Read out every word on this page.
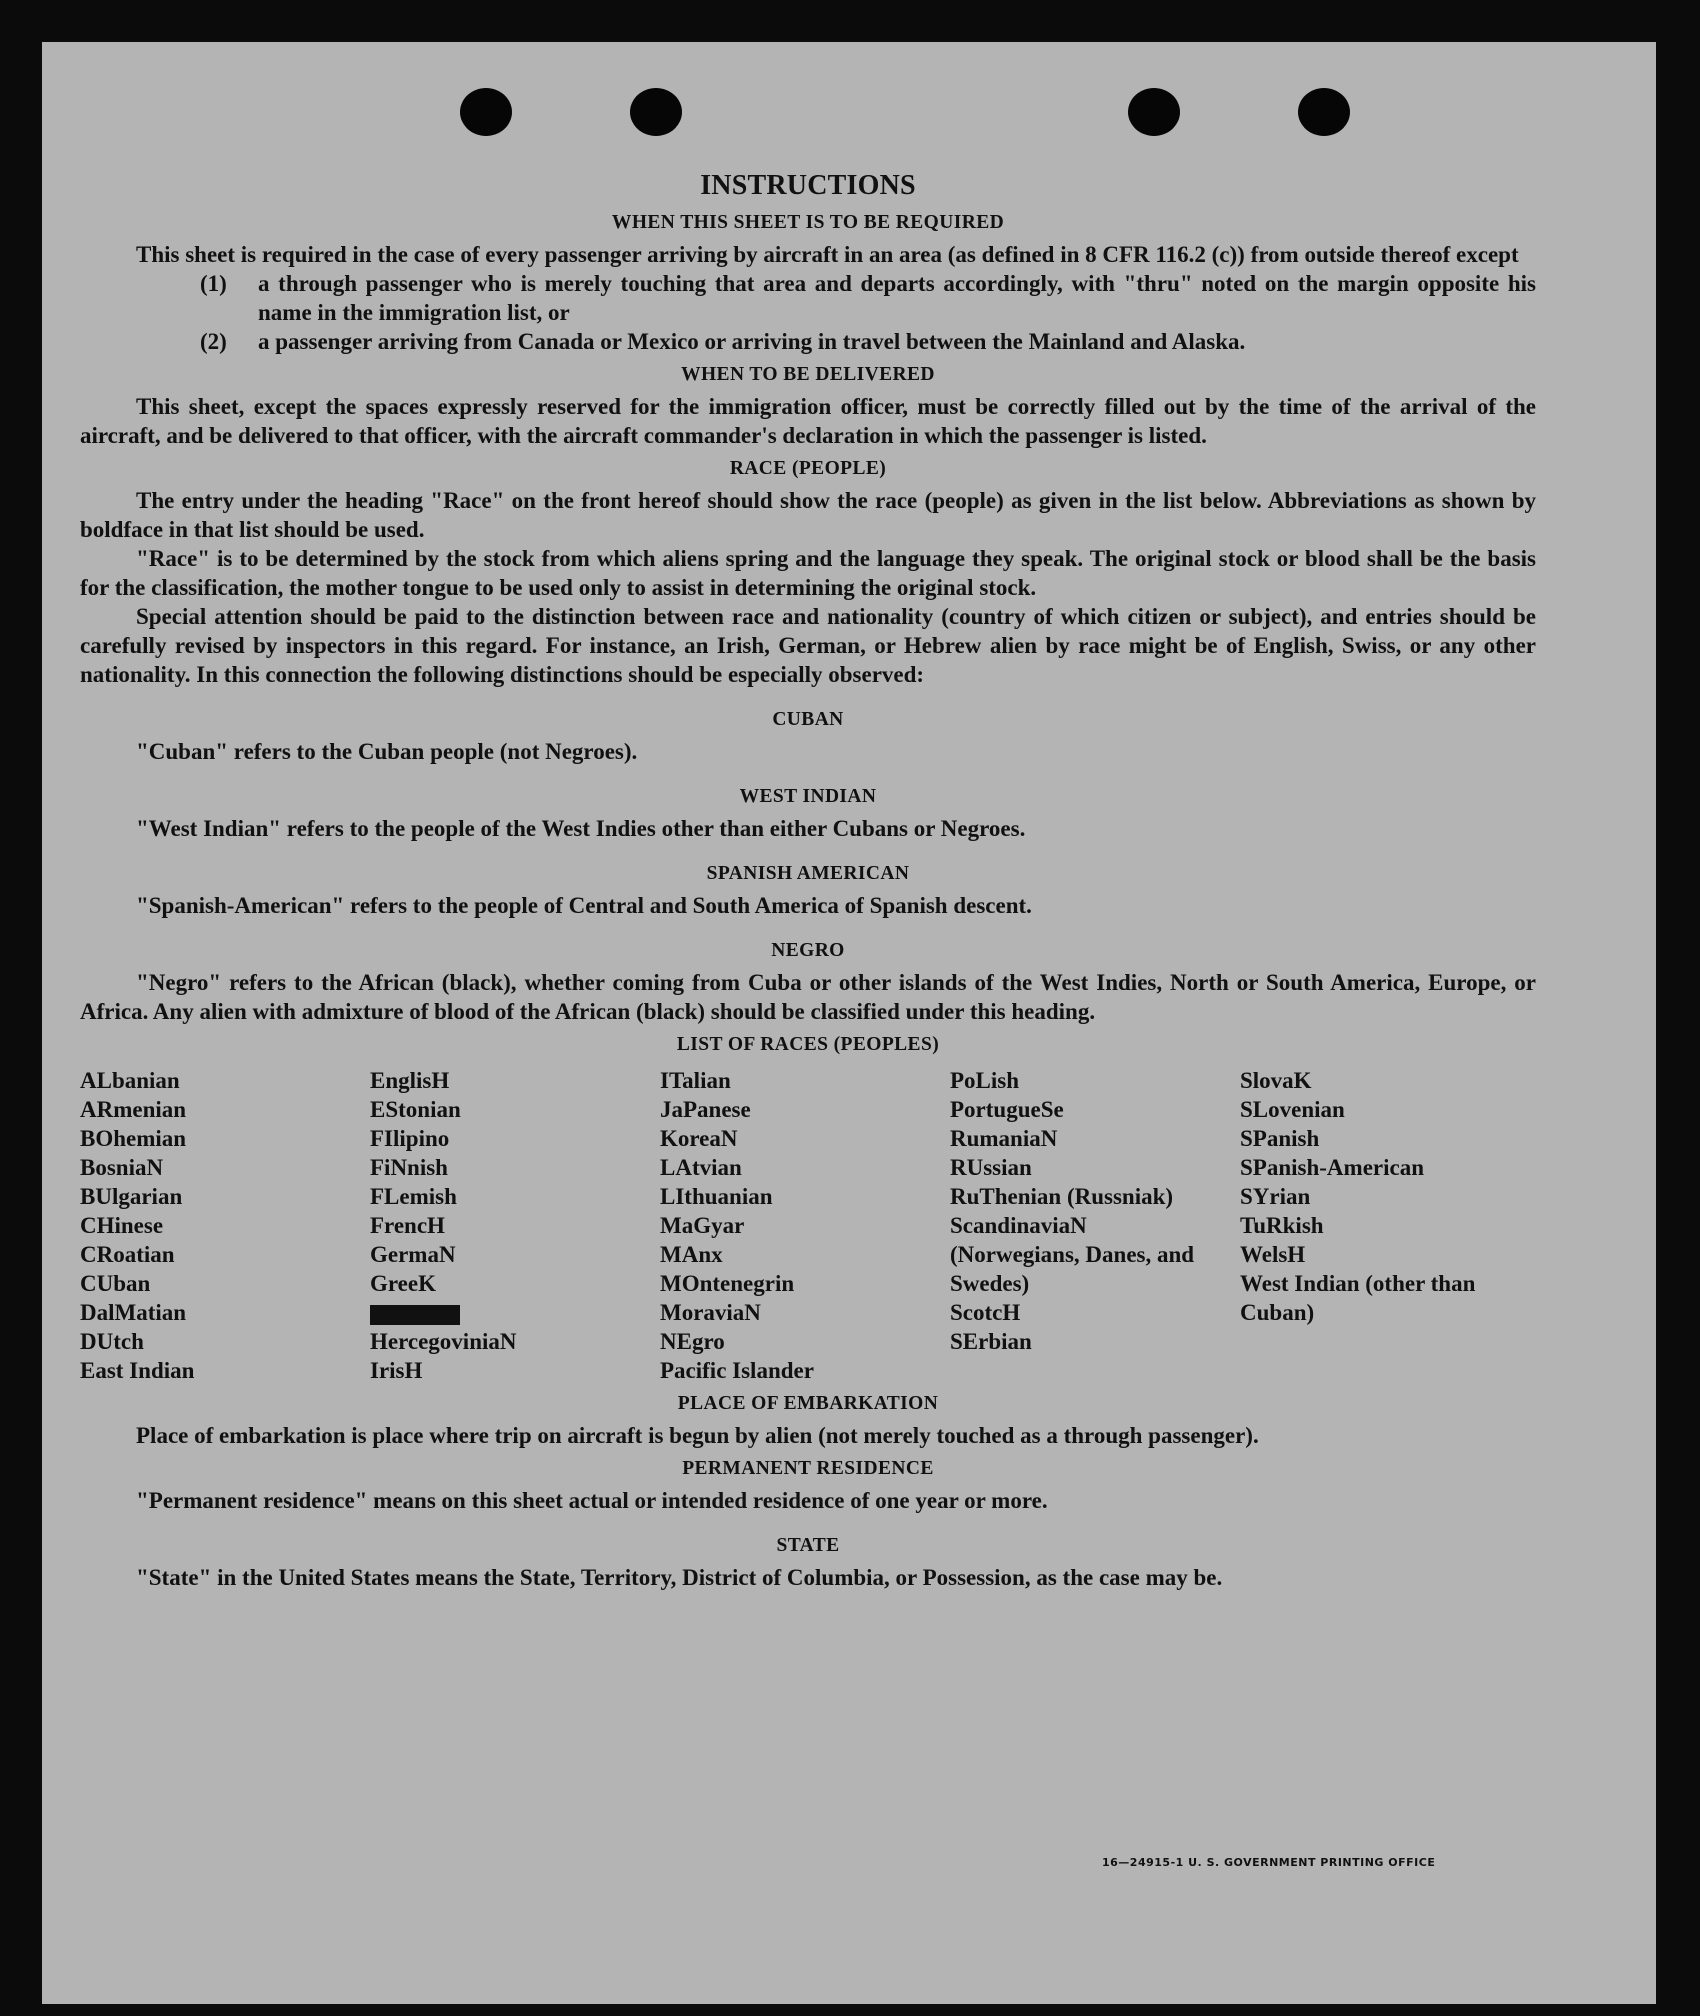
INSTRUCTIONS
WHEN THIS SHEET IS TO BE REQUIRED

This sheet is required in the case of every passenger arriving by aircraft in an area (as defined in 8 CFR 116.2 (c)) from outside thereof except

(1)	a through passenger who is merely touching that area and departs accordingly, with "thru" noted on the margin opposite his name in the immigration list, or
(2)	a passenger arriving from Canada or Mexico or arriving in travel between the Mainland and Alaska.
WHEN TO BE DELIVERED

This sheet, except the spaces expressly reserved for the immigration officer, must be correctly filled out by the time of the arrival of the aircraft, and be delivered to that officer, with the aircraft commander's declaration in which the passenger is listed.

RACE (PEOPLE)

The entry under the heading "Race" on the front hereof should show the race (people) as given in the list below. Abbreviations as shown by boldface in that list should be used.

"Race" is to be determined by the stock from which aliens spring and the language they speak. The original stock or blood shall be the basis for the classification, the mother tongue to be used only to assist in determining the original stock.

Special attention should be paid to the distinction between race and nationality (country of which citizen or subject), and entries should be carefully revised by inspectors in this regard. For instance, an Irish, German, or Hebrew alien by race might be of English, Swiss, or any other nationality. In this connection the following distinctions should be especially observed:

CUBAN

"Cuban" refers to the Cuban people (not Negroes).

WEST INDIAN

"West Indian" refers to the people of the West Indies other than either Cubans or Negroes.

SPANISH AMERICAN

"Spanish-American" refers to the people of Central and South America of Spanish descent.

NEGRO

"Negro" refers to the African (black), whether coming from Cuba or other islands of the West Indies, North or South America, Europe, or Africa. Any alien with admixture of blood of the African (black) should be classified under this heading.

LIST OF RACES (PEOPLES)
ALbanian
ARmenian
BOhemian
BosniaN
BUlgarian
CHinese
CRoatian
CUban
DalMatian
DUtch
East Indian
EnglisH
EStonian
FIlipino
FiNnish
FLemish
FrencH
GermaN
GreeK
HercegoviniaN
IrisH
ITalian
JaPanese
KoreaN
LAtvian
LIthuanian
MaGyar
MAnx
MOntenegrin
MoraviaN
NEgro
Pacific Islander
PoLish
PortugueSe
RumaniaN
RUssian
RuThenian (Russniak)
ScandinaviaN (Norwegians, Danes, and Swedes)
ScotcH
SErbian
SlovaK
SLovenian
SPanish
SPanish-American
SYrian
TuRkish
WelsH
West Indian (other than Cuban)
PLACE OF EMBARKATION

Place of embarkation is place where trip on aircraft is begun by alien (not merely touched as a through passenger).

PERMANENT RESIDENCE

"Permanent residence" means on this sheet actual or intended residence of one year or more.

STATE

"State" in the United States means the State, Territory, District of Columbia, or Possession, as the case may be.

16—24915-1 U. S. GOVERNMENT PRINTING OFFICE
